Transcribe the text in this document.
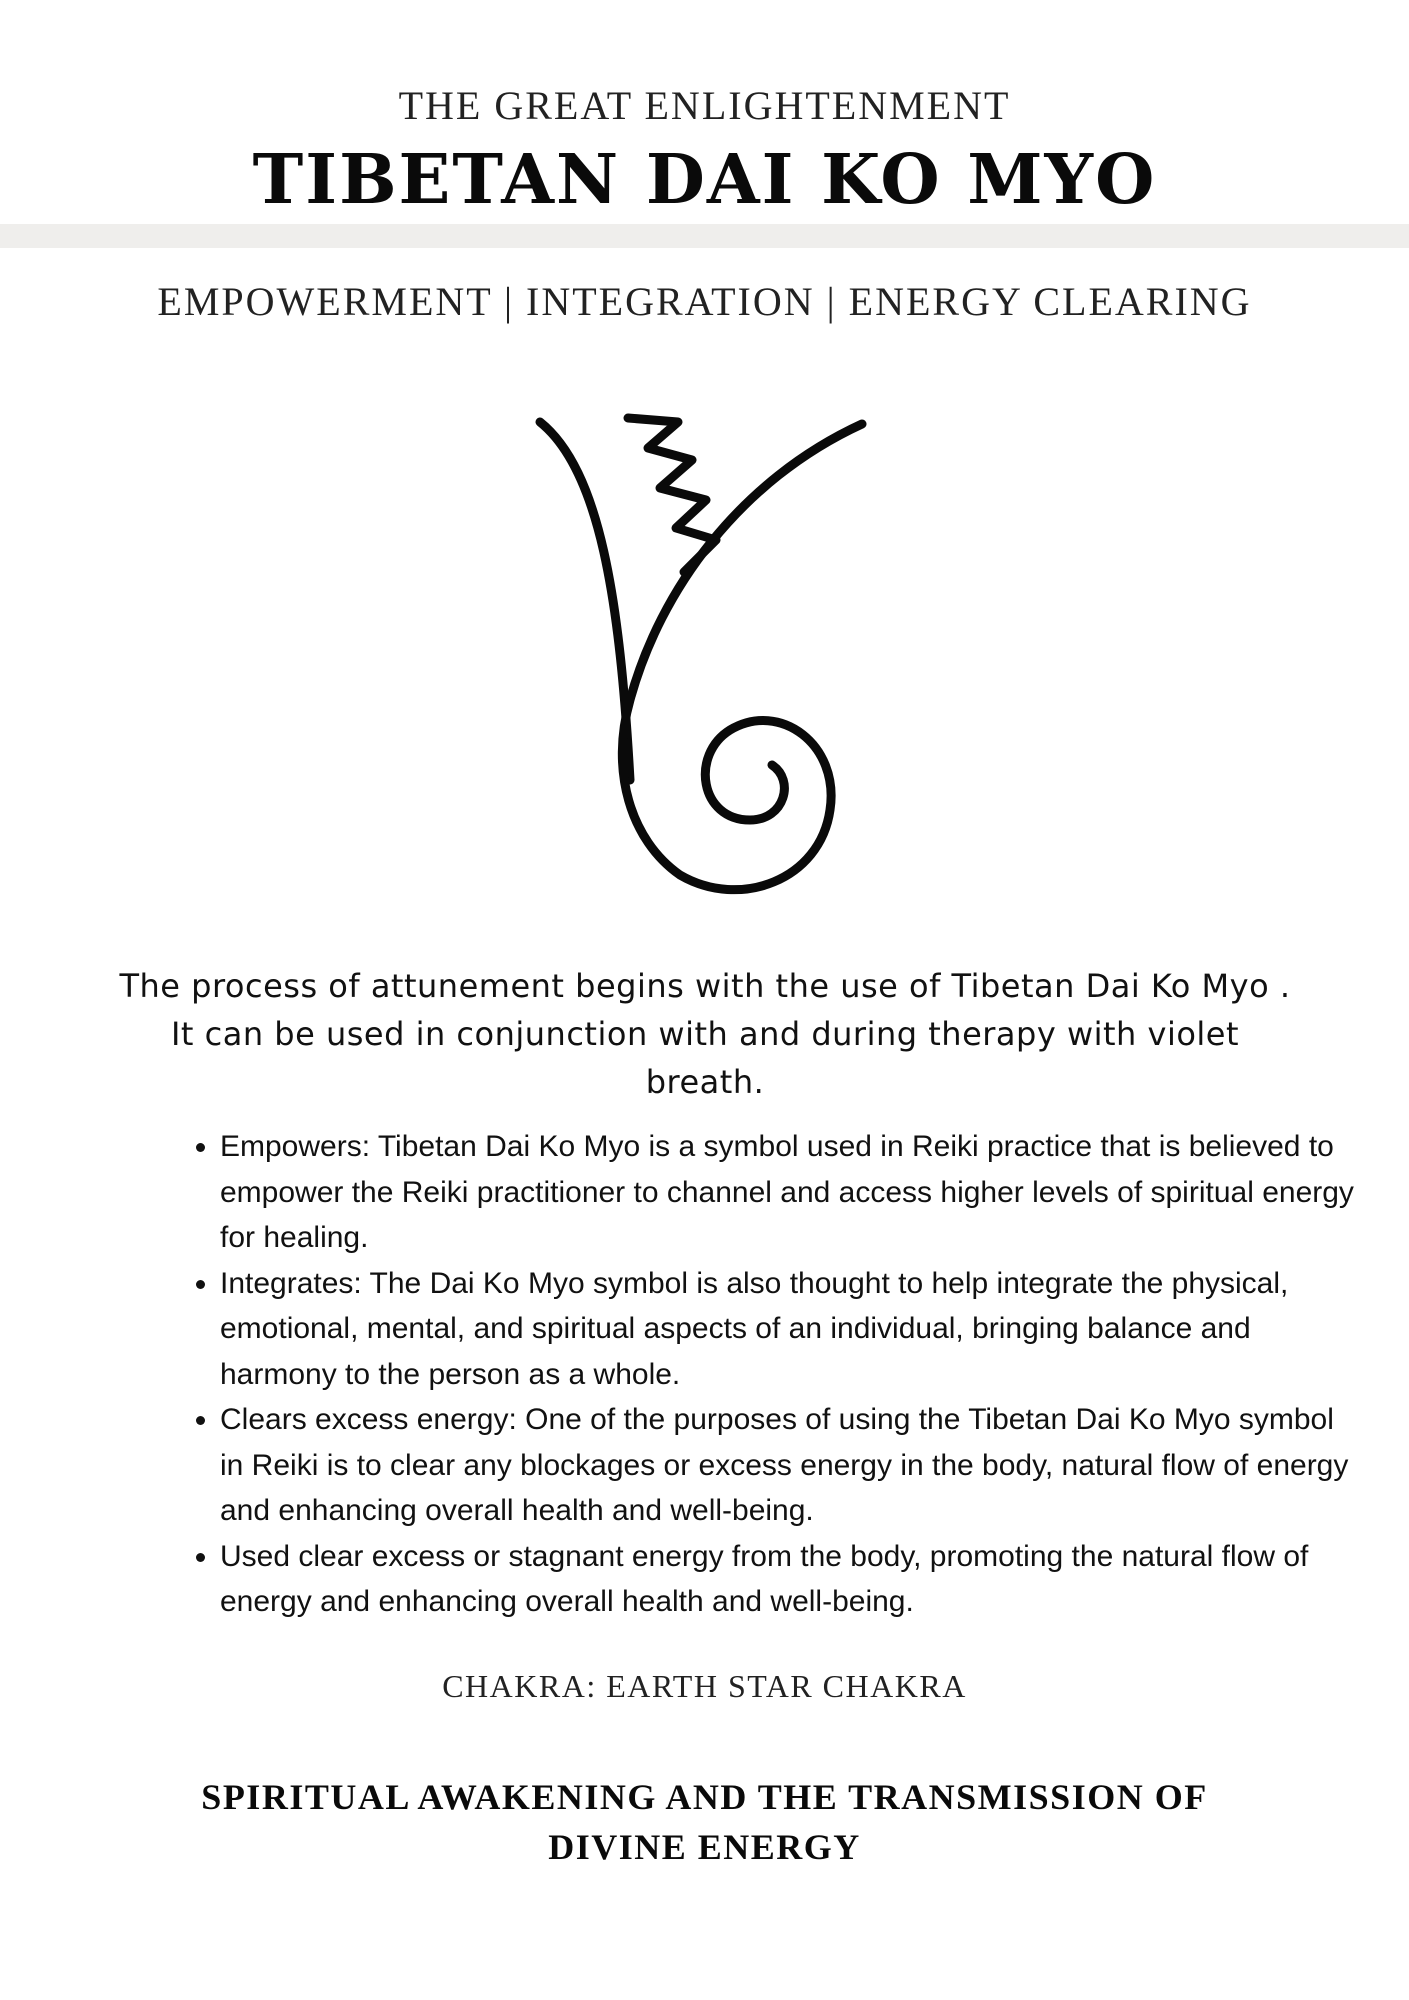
THE GREAT ENLIGHTENMENT
TIBETAN DAI KO MYO
EMPOWERMENT | INTEGRATION | ENERGY CLEARING
The process of attunement begins with the use of Tibetan Dai Ko Myo . It can be used in conjunction with and during therapy with violet breath.
• Empowers: Tibetan Dai Ko Myo is a symbol used in Reiki practice that is believed to empower the Reiki practitioner to channel and access higher levels of spiritual energy for healing.
• Integrates: The Dai Ko Myo symbol is also thought to help integrate the physical, emotional, mental, and spiritual aspects of an individual, bringing balance and harmony to the person as a whole.
• Clears excess energy: One of the purposes of using the Tibetan Dai Ko Myo symbol in Reiki is to clear any blockages or excess energy in the body, natural flow of energy and enhancing overall health and well-being.
• Used clear excess or stagnant energy from the body, promoting the natural flow of energy and enhancing overall health and well-being.
CHAKRA: EARTH STAR CHAKRA
SPIRITUAL AWAKENING AND THE TRANSMISSION OF DIVINE ENERGY
